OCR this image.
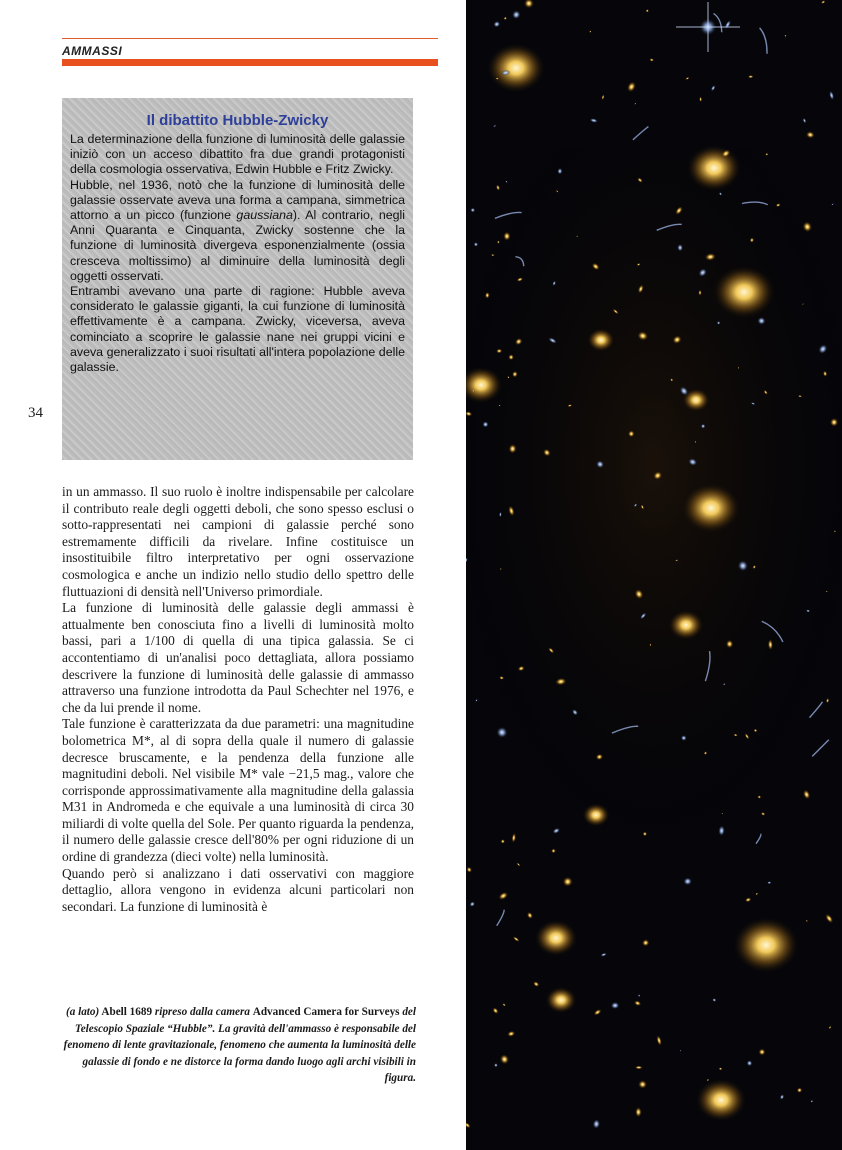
AMMASSI
Il dibattito Hubble-Zwicky

La determinazione della funzione di luminosità delle galassie iniziò con un acceso dibattito fra due grandi protagonisti della cosmologia osservativa, Edwin Hubble e Fritz Zwicky.

Hubble, nel 1936, notò che la funzione di luminosità delle galassie osservate aveva una forma a campana, simmetrica attorno a un picco (funzione gaussiana). Al contrario, negli Anni Quaranta e Cinquanta, Zwicky sostenne che la funzione di luminosità divergeva esponenzialmente (ossia cresceva moltissimo) al diminuire della luminosità degli oggetti osservati.

Entrambi avevano una parte di ragione: Hubble aveva considerato le galassie giganti, la cui funzione di luminosità effettivamente è a campana. Zwicky, viceversa, aveva cominciato a scoprire le galassie nane nei gruppi vicini e aveva generalizzato i suoi risultati all'intera popolazione delle galassie.

34

in un ammasso. Il suo ruolo è inoltre indispensabile per calcolare il contributo reale degli oggetti deboli, che sono spesso esclusi o sotto-rappresentati nei campioni di galassie perché sono estremamente difficili da rivelare. Infine costituisce un insostituibile filtro interpretativo per ogni osservazione cosmologica e anche un indizio nello studio dello spettro delle fluttuazioni di densità nell'Universo primordiale.

La funzione di luminosità delle galassie degli ammassi è attualmente ben conosciuta fino a livelli di luminosità molto bassi, pari a 1/100 di quella di una tipica galassia. Se ci accontentiamo di un'analisi poco dettagliata, allora possiamo descrivere la funzione di luminosità delle galassie di ammasso attraverso una funzione introdotta da Paul Schechter nel 1976, e che da lui prende il nome.

Tale funzione è caratterizzata da due parametri: una magnitudine bolometrica M*, al di sopra della quale il numero di galassie decresce bruscamente, e la pendenza della funzione alle magnitudini deboli. Nel visibile M* vale −21,5 mag., valore che corrisponde approssimativamente alla magnitudine della galassia M31 in Andromeda e che equivale a una luminosità di circa 30 miliardi di volte quella del Sole. Per quanto riguarda la pendenza, il numero delle galassie cresce dell'80% per ogni riduzione di un ordine di grandezza (dieci volte) nella luminosità.

Quando però si analizzano i dati osservativi con maggiore dettaglio, allora vengono in evidenza alcuni particolari non secondari. La funzione di luminosità è

(a lato) Abell 1689 ripreso dalla camera Advanced Camera for Surveys del Telescopio Spaziale “Hubble”. La gravità dell'ammasso è responsabile del fenomeno di lente gravitazionale, fenomeno che aumenta la luminosità delle galassie di fondo e ne distorce la forma dando luogo agli archi visibili in figura.
